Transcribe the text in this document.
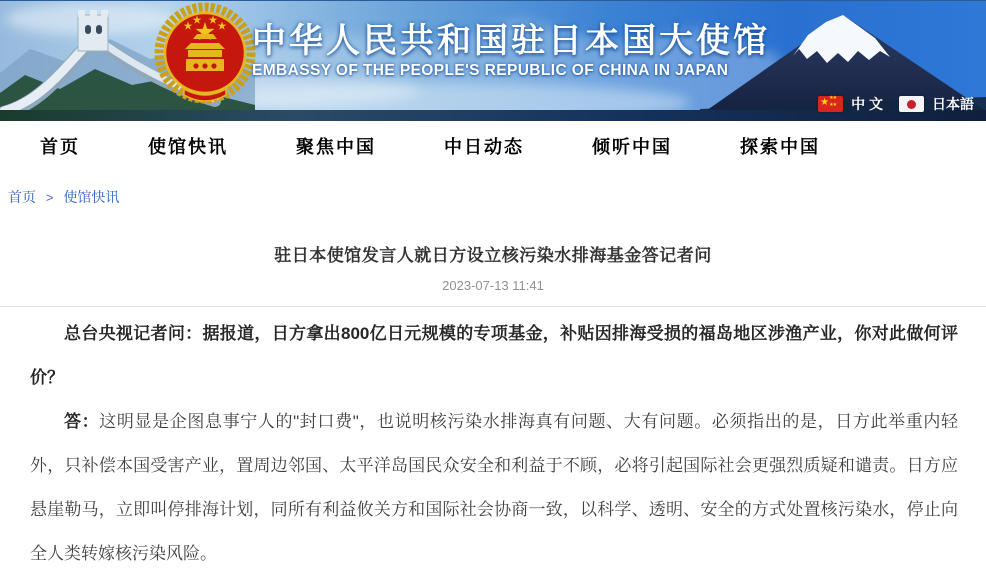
中华人民共和国驻日本国大使馆
EMBASSY OF THE PEOPLE'S REPUBLIC OF CHINA IN JAPAN
★ ★★
★★ 中 文	日本語
首页	使馆快讯	聚焦中国	中日动态	倾听中国	探索中国
首页 > 使馆快讯
驻日本使馆发言人就日方设立核污染水排海基金答记者问
2023-07-13 11:41

总台央视记者问：据报道，日方拿出800亿日元规模的专项基金，补贴因排海受损的福岛地区涉渔产业，你对此做何评价？

答：这明显是企图息事宁人的"封口费"，也说明核污染水排海真有问题、大有问题。必须指出的是，日方此举重内轻外，只补偿本国受害产业，置周边邻国、太平洋岛国民众安全和利益于不顾，必将引起国际社会更强烈质疑和谴责。日方应悬崖勒马，立即叫停排海计划，同所有利益攸关方和国际社会协商一致，以科学、透明、安全的方式处置核污染水，停止向全人类转嫁核污染风险。
